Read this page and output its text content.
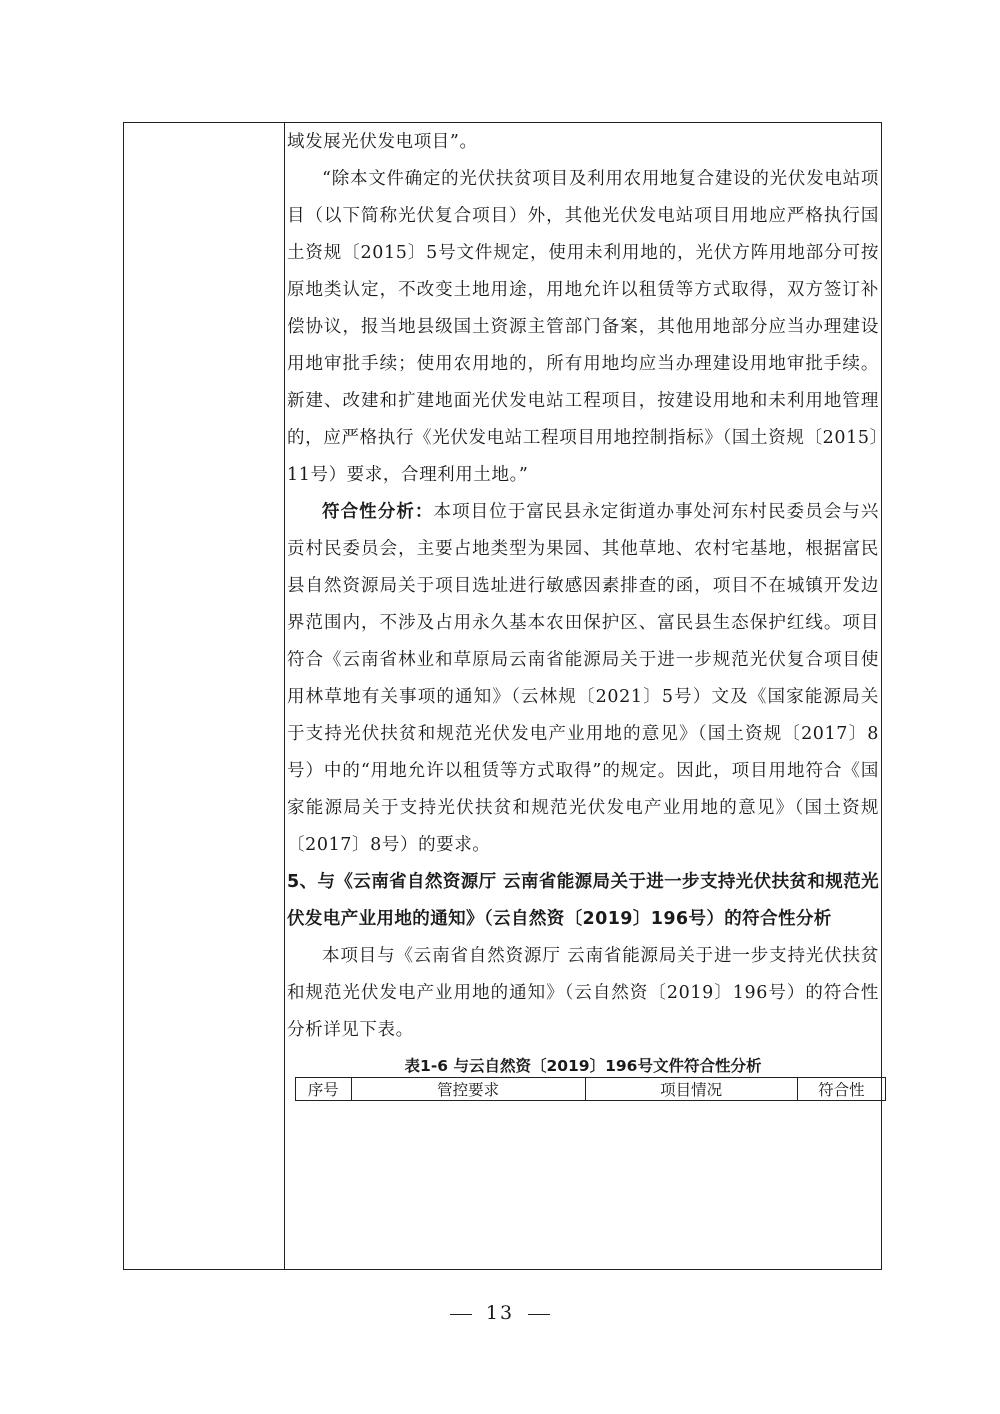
域发展光伏发电项目”。

“除本文件确定的光伏扶贫项目及利用农用地复合建设的光伏发电站项目（以下简称光伏复合项目）外，其他光伏发电站项目用地应严格执行国土资规〔2015〕5号文件规定，使用未利用地的，光伏方阵用地部分可按原地类认定，不改变土地用途，用地允许以租赁等方式取得，双方签订补偿协议，报当地县级国土资源主管部门备案，其他用地部分应当办理建设用地审批手续；使用农用地的，所有用地均应当办理建设用地审批手续。新建、改建和扩建地面光伏发电站工程项目，按建设用地和未利用地管理的，应严格执行《光伏发电站工程项目用地控制指标》（国土资规〔2015〕11号）要求，合理利用土地。”

符合性分析：本项目位于富民县永定街道办事处河东村民委员会与兴贡村民委员会，主要占地类型为果园、其他草地、农村宅基地，根据富民县自然资源局关于项目选址进行敏感因素排查的函，项目不在城镇开发边界范围内，不涉及占用永久基本农田保护区、富民县生态保护红线。项目符合《云南省林业和草原局云南省能源局关于进一步规范光伏复合项目使用林草地有关事项的通知》（云林规〔2021〕5号）文及《国家能源局关于支持光伏扶贫和规范光伏发电产业用地的意见》（国土资规〔2017〕8号）中的“用地允许以租赁等方式取得”的规定。因此，项目用地符合《国家能源局关于支持光伏扶贫和规范光伏发电产业用地的意见》（国土资规〔2017〕8号）的要求。

5、与《云南省自然资源厅 云南省能源局关于进一步支持光伏扶贫和规范光伏发电产业用地的通知》（云自然资〔2019〕196号）的符合性分析

本项目与《云南省自然资源厅 云南省能源局关于进一步支持光伏扶贫和规范光伏发电产业用地的通知》（云自然资〔2019〕196号）的符合性分析详见下表。

表1-6 与云自然资〔2019〕196号文件符合性分析
序号	管控要求	项目情况	符合性
13
